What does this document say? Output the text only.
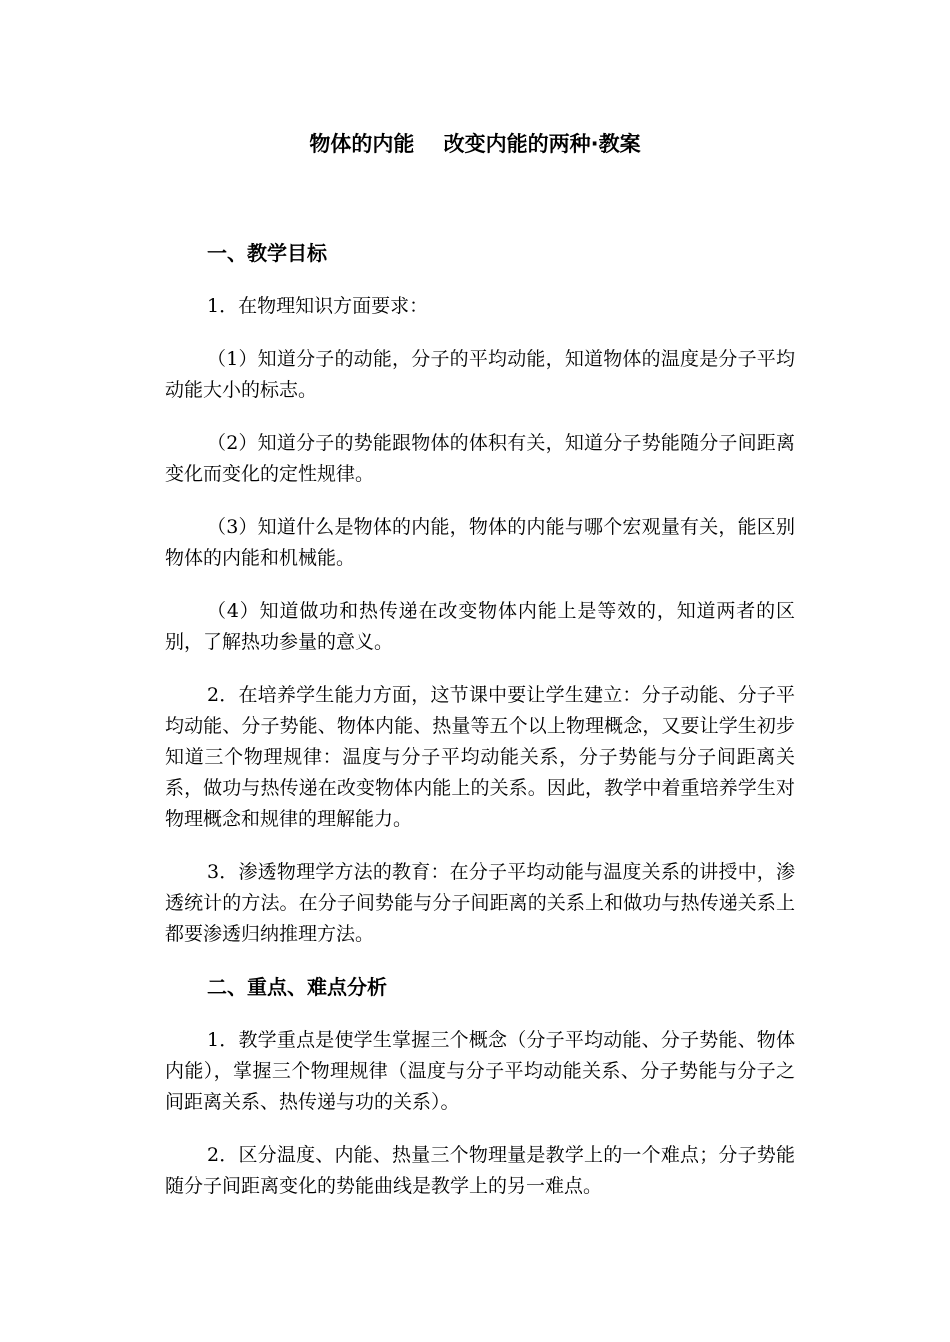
物体的内能    改变内能的两种·教案
一、教学目标

1．在物理知识方面要求：

（1）知道分子的动能，分子的平均动能，知道物体的温度是分子平均动能大小的标志。

（2）知道分子的势能跟物体的体积有关，知道分子势能随分子间距离变化而变化的定性规律。

（3）知道什么是物体的内能，物体的内能与哪个宏观量有关，能区别物体的内能和机械能。

（4）知道做功和热传递在改变物体内能上是等效的，知道两者的区别，了解热功参量的意义。

2．在培养学生能力方面，这节课中要让学生建立：分子动能、分子平均动能、分子势能、物体内能、热量等五个以上物理概念，又要让学生初步知道三个物理规律：温度与分子平均动能关系，分子势能与分子间距离关系，做功与热传递在改变物体内能上的关系。因此，教学中着重培养学生对物理概念和规律的理解能力。

3．渗透物理学方法的教育：在分子平均动能与温度关系的讲授中，渗透统计的方法。在分子间势能与分子间距离的关系上和做功与热传递关系上都要渗透归纳推理方法。

二、重点、难点分析

1．教学重点是使学生掌握三个概念（分子平均动能、分子势能、物体内能），掌握三个物理规律（温度与分子平均动能关系、分子势能与分子之间距离关系、热传递与功的关系）。

2．区分温度、内能、热量三个物理量是教学上的一个难点；分子势能随分子间距离变化的势能曲线是教学上的另一难点。
